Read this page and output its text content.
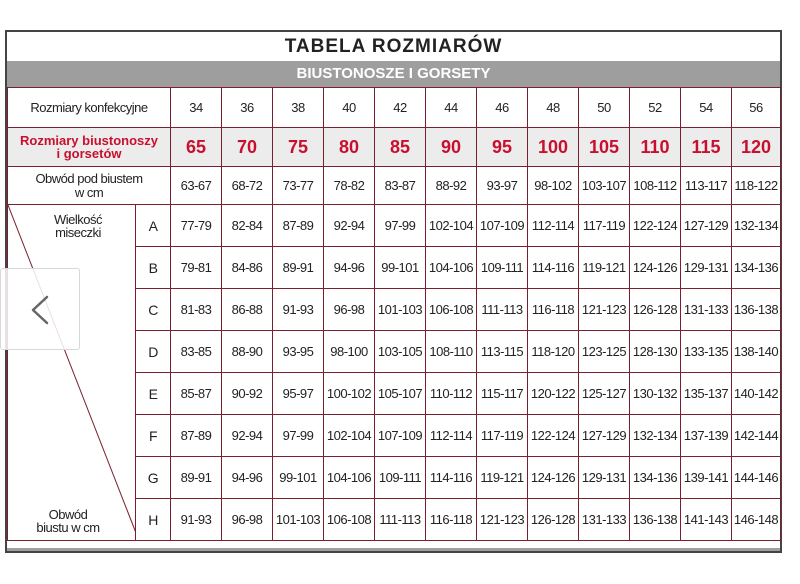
TABELA ROZMIARÓW
BIUSTONOSZE I GORSETY
Rozmiary konfekcyjne		34	36	38	40	42	44	46	48	50	52	54	56
Rozmiary biustonoszy
i gorsetów		65	70	75	80	85	90	95	100	105	110	115	120
Obwód pod biustem
w cm		63-67	68-72	73-77	78-82	83-87	88-92	93-97	98-102	103-107	108-112	113-117	118-122

Wielkość
miseczki
Obwód
biustu w cm	A	77-79	82-84	87-89	92-94	97-99	102-104	107-109	112-114	117-119	122-124	127-129	132-134
	B	79-81	84-86	89-91	94-96	99-101	104-106	109-111	114-116	119-121	124-126	129-131	134-136
	C	81-83	86-88	91-93	96-98	101-103	106-108	111-113	116-118	121-123	126-128	131-133	136-138
	D	83-85	88-90	93-95	98-100	103-105	108-110	113-115	118-120	123-125	128-130	133-135	138-140
	E	85-87	90-92	95-97	100-102	105-107	110-112	115-117	120-122	125-127	130-132	135-137	140-142
	F	87-89	92-94	97-99	102-104	107-109	112-114	117-119	122-124	127-129	132-134	137-139	142-144
	G	89-91	94-96	99-101	104-106	109-111	114-116	119-121	124-126	129-131	134-136	139-141	144-146
	H	91-93	96-98	101-103	106-108	111-113	116-118	121-123	126-128	131-133	136-138	141-143	146-148
